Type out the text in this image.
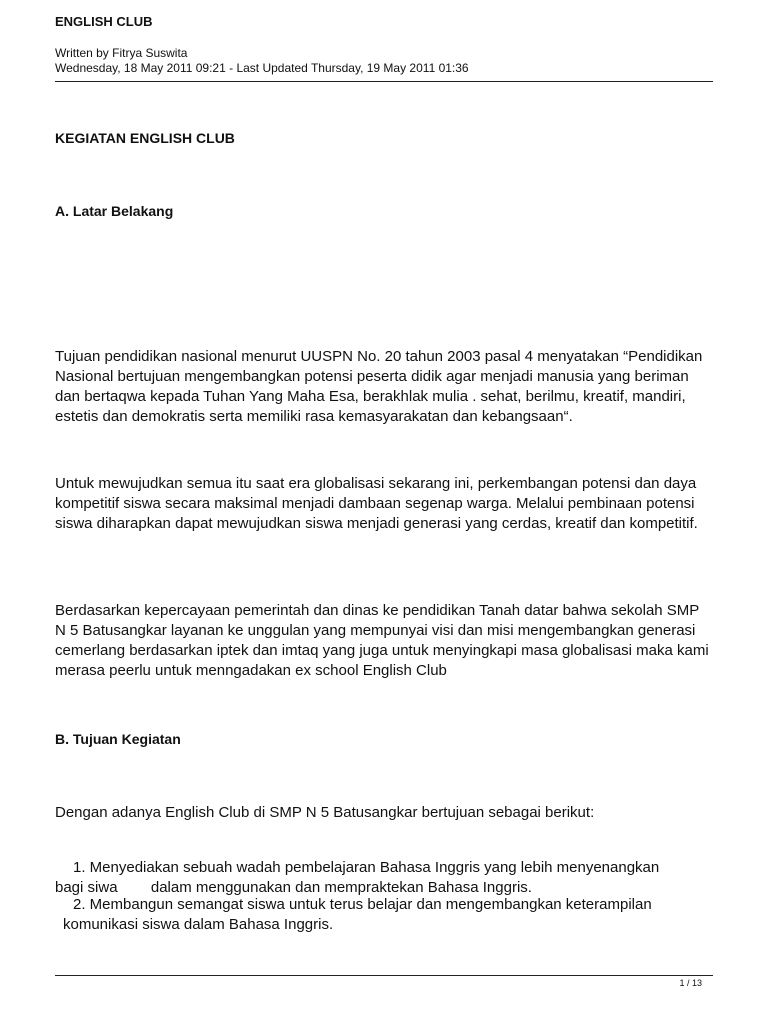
ENGLISH CLUB
Written by Fitrya Suswita
Wednesday, 18 May 2011 09:21 - Last Updated Thursday, 19 May 2011 01:36
KEGIATAN ENGLISH CLUB
A. Latar Belakang
Tujuan pendidikan nasional menurut UUSPN No. 20 tahun 2003 pasal 4 menyatakan “Pendidikan Nasional bertujuan mengembangkan potensi peserta didik agar menjadi manusia yang beriman dan bertaqwa kepada Tuhan Yang Maha Esa, berakhlak mulia . sehat, berilmu, kreatif, mandiri, estetis dan demokratis serta memiliki rasa kemasyarakatan dan kebangsaan“.
Untuk mewujudkan semua itu saat era globalisasi sekarang ini, perkembangan potensi dan daya kompetitif siswa secara maksimal menjadi dambaan segenap warga. Melalui pembinaan potensi siswa diharapkan dapat mewujudkan siswa menjadi generasi yang cerdas, kreatif dan kompetitif.
Berdasarkan kepercayaan pemerintah dan dinas ke pendidikan Tanah datar bahwa sekolah SMP N 5 Batusangkar layanan ke unggulan yang mempunyai visi dan misi mengembangkan generasi cemerlang berdasarkan iptek dan imtaq yang juga untuk menyingkapi masa globalisasi maka kami merasa peerlu untuk menngadakan ex school English Club
B. Tujuan Kegiatan
Dengan adanya English Club di SMP N 5 Batusangkar bertujuan sebagai berikut:
1. Menyediakan sebuah wadah pembelajaran Bahasa Inggris yang lebih menyenangkan
bagi siwa        dalam menggunakan dan mempraktekan Bahasa Inggris.
2. Membangun semangat siswa untuk terus belajar dan mengembangkan keterampilan
komunikasi siswa dalam Bahasa Inggris.
1 / 13
